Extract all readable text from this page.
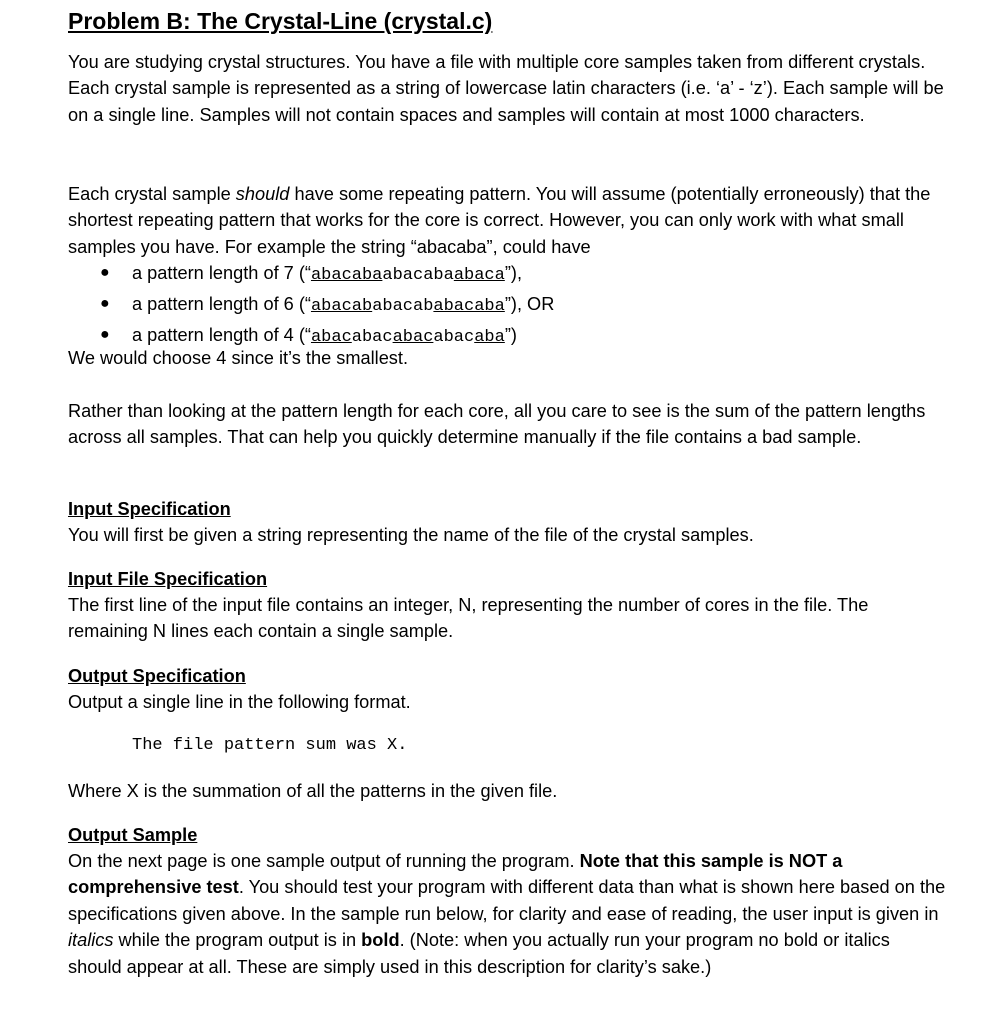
Problem B: The Crystal-Line (crystal.c)

You are studying crystal structures. You have a file with multiple core samples taken from different crystals. Each crystal sample is represented as a string of lowercase latin characters (i.e. ‘a’ - ‘z’). Each sample will be on a single line. Samples will not contain spaces and samples will contain at most 1000 characters.

Each crystal sample should have some repeating pattern. You will assume (potentially erroneously) that the shortest repeating pattern that works for the core is correct. However, you can only work with what small samples you have. For example the string “abacaba”, could have

● a pattern length of 7 (“abacabaabacabaabaca”),
● a pattern length of 6 (“abacababacababacaba”), OR
● a pattern length of 4 (“abacabacabacabacaba”)
We would choose 4 since it’s the smallest.

Rather than looking at the pattern length for each core, all you care to see is the sum of the pattern lengths across all samples. That can help you quickly determine manually if the file contains a bad sample.

Input Specification
You will first be given a string representing the name of the file of the crystal samples.
Input File Specification

The first line of the input file contains an integer, N, representing the number of cores in the file. The remaining N lines each contain a single sample.

Output Specification
Output a single line in the following format.
The file pattern sum was X.
Where X is the summation of all the patterns in the given file.
Output Sample

On the next page is one sample output of running the program. Note that this sample is NOT a comprehensive test. You should test your program with different data than what is shown here based on the specifications given above. In the sample run below, for clarity and ease of reading, the user input is given in italics while the program output is in bold. (Note: when you actually run your program no bold or italics should appear at all. These are simply used in this description for clarity’s sake.)
